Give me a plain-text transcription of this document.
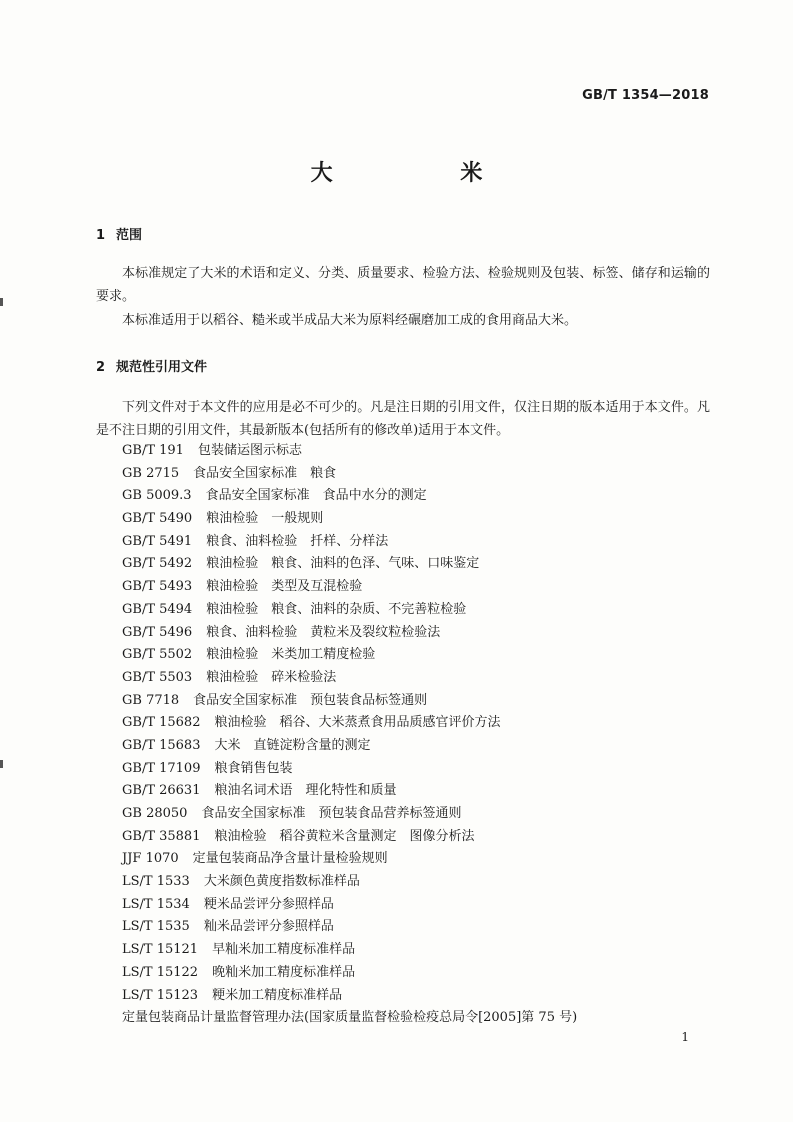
GB/T 1354—2018
大 米
1 范围

本标准规定了大米的术语和定义、分类、质量要求、检验方法、检验规则及包装、标签、储存和运输的要求。

本标准适用于以稻谷、糙米或半成品大米为原料经碾磨加工成的食用商品大米。

2 规范性引用文件

下列文件对于本文件的应用是必不可少的。凡是注日期的引用文件，仅注日期的版本适用于本文件。凡是不注日期的引用文件，其最新版本(包括所有的修改单)适用于本文件。

GB/T 191 包装储运图示标志
GB 2715 食品安全国家标准　粮食
GB 5009.3 食品安全国家标准　食品中水分的测定
GB/T 5490 粮油检验　一般规则
GB/T 5491 粮食、油料检验　扦样、分样法
GB/T 5492 粮油检验　粮食、油料的色泽、气味、口味鉴定
GB/T 5493 粮油检验　类型及互混检验
GB/T 5494 粮油检验　粮食、油料的杂质、不完善粒检验
GB/T 5496 粮食、油料检验　黄粒米及裂纹粒检验法
GB/T 5502 粮油检验　米类加工精度检验
GB/T 5503 粮油检验　碎米检验法
GB 7718 食品安全国家标准　预包装食品标签通则
GB/T 15682 粮油检验　稻谷、大米蒸煮食用品质感官评价方法
GB/T 15683 大米　直链淀粉含量的测定
GB/T 17109 粮食销售包装
GB/T 26631 粮油名词术语　理化特性和质量
GB 28050 食品安全国家标准　预包装食品营养标签通则
GB/T 35881 粮油检验　稻谷黄粒米含量测定　图像分析法
JJF 1070 定量包装商品净含量计量检验规则
LS/T 1533 大米颜色黄度指数标准样品
LS/T 1534 粳米品尝评分参照样品
LS/T 1535 籼米品尝评分参照样品
LS/T 15121 早籼米加工精度标准样品
LS/T 15122 晚籼米加工精度标准样品
LS/T 15123 粳米加工精度标准样品
定量包装商品计量监督管理办法(国家质量监督检验检疫总局令[2005]第 75 号)
1
